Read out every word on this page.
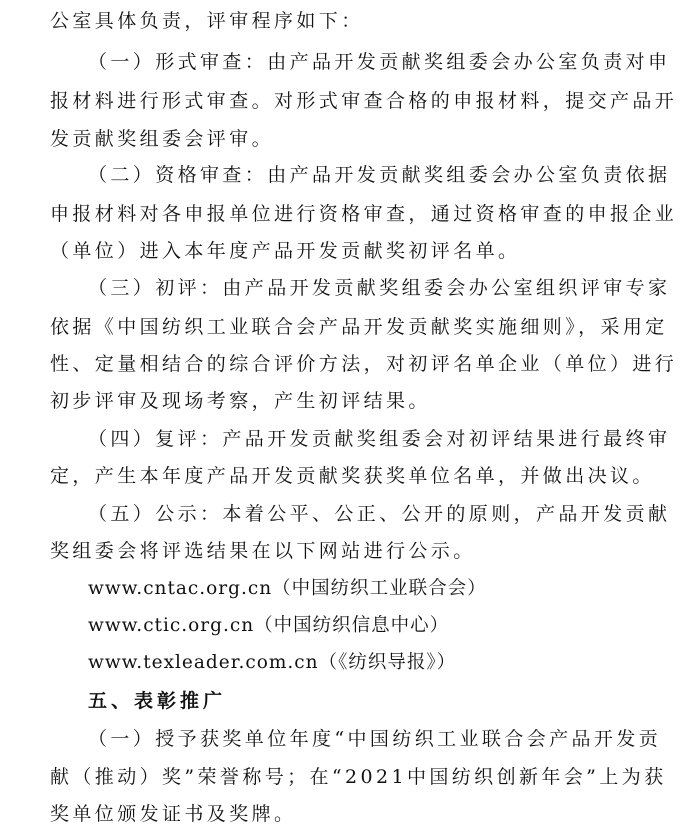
公室具体负责，评审程序如下：
（一）形式审查：由产品开发贡献奖组委会办公室负责对申
报材料进行形式审查。对形式审查合格的申报材料，提交产品开
发贡献奖组委会评审。
（二）资格审查：由产品开发贡献奖组委会办公室负责依据
申报材料对各申报单位进行资格审查，通过资格审查的申报企业
（单位）进入本年度产品开发贡献奖初评名单。
（三）初评：由产品开发贡献奖组委会办公室组织评审专家
依据《中国纺织工业联合会产品开发贡献奖实施细则》，采用定
性、定量相结合的综合评价方法，对初评名单企业（单位）进行
初步评审及现场考察，产生初评结果。
（四）复评：产品开发贡献奖组委会对初评结果进行最终审
定，产生本年度产品开发贡献奖获奖单位名单，并做出决议。
（五）公示：本着公平、公正、公开的原则，产品开发贡献
奖组委会将评选结果在以下网站进行公示。
www.cntac.org.cn（中国纺织工业联合会）
www.ctic.org.cn（中国纺织信息中心）
www.texleader.com.cn（《纺织导报》）
五、表彰推广
（一）授予获奖单位年度“中国纺织工业联合会产品开发贡
献（推动）奖”荣誉称号；在“2021中国纺织创新年会”上为获
奖单位颁发证书及奖牌。
